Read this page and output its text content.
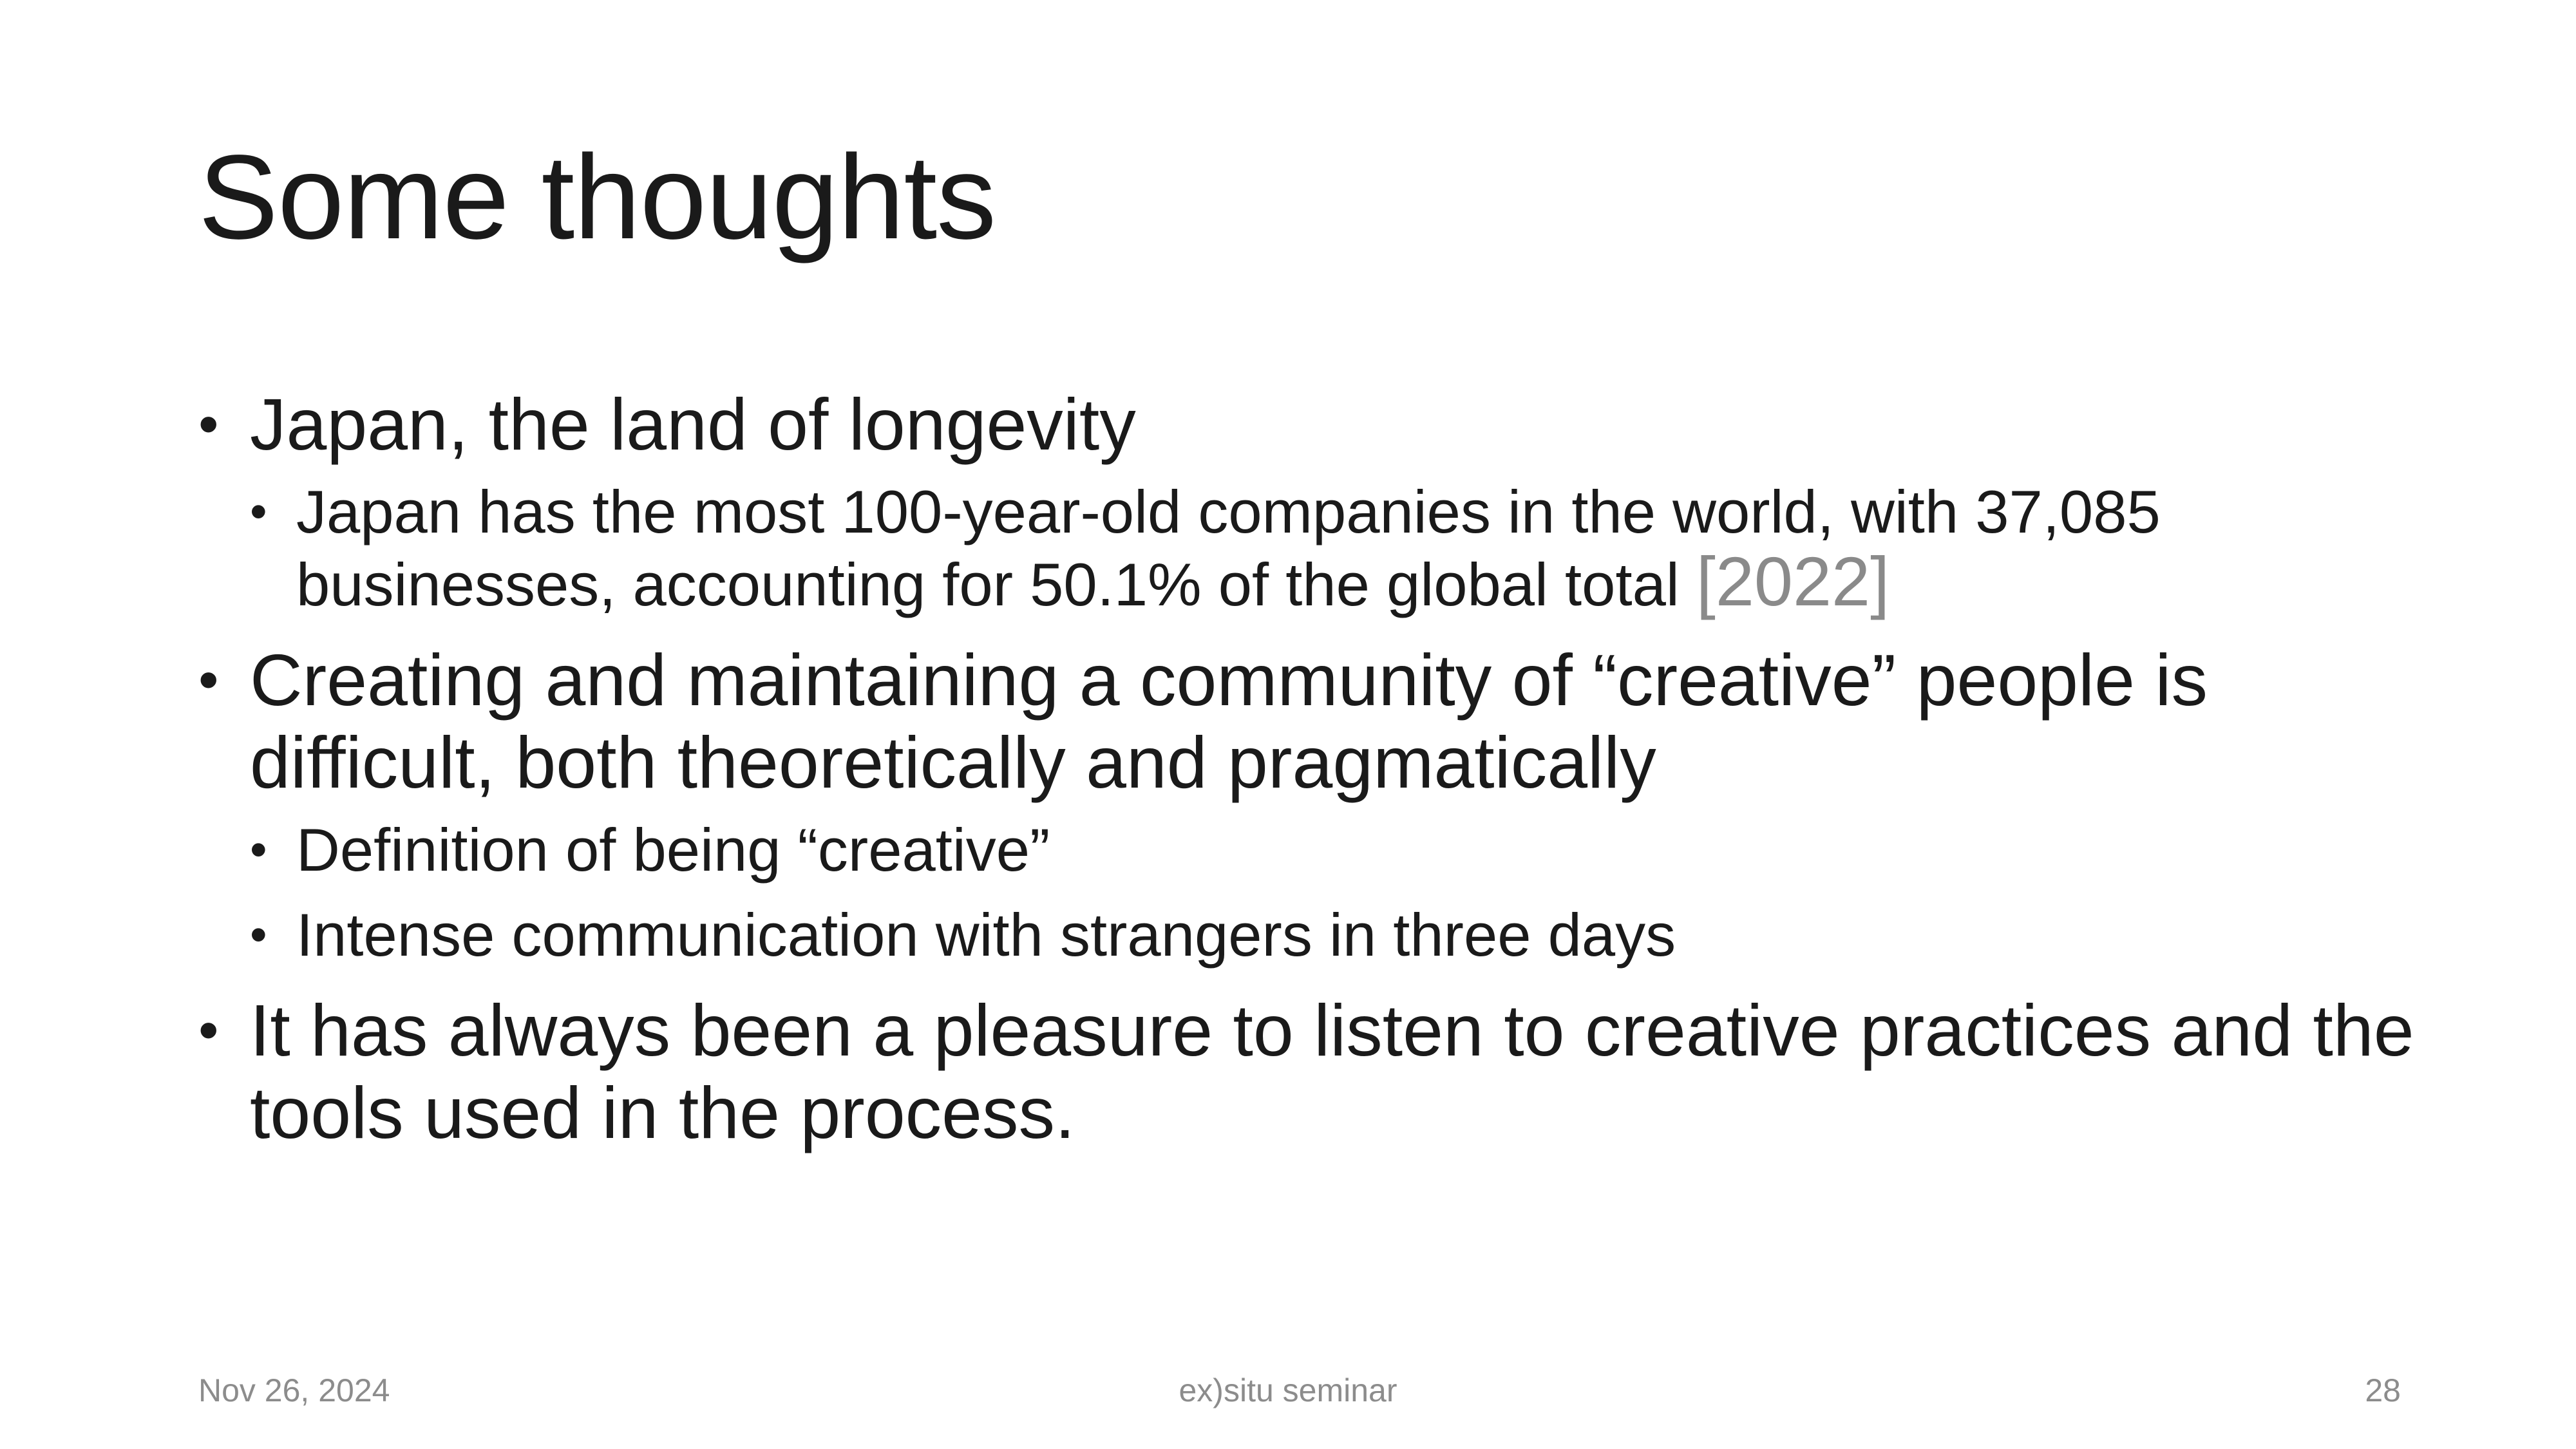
Some thoughts
• Japan, the land of longevity
• Japan has the most 100-year-old companies in the world, with 37,085 businesses, accounting for 50.1% of the global total [2022]
• Creating and maintaining a community of “creative” people is difficult, both theoretically and pragmatically
• Definition of being “creative”
• Intense communication with strangers in three days
• It has always been a pleasure to listen to creative practices and the tools used in the process.
Nov 26, 2024	ex)situ seminar	28
